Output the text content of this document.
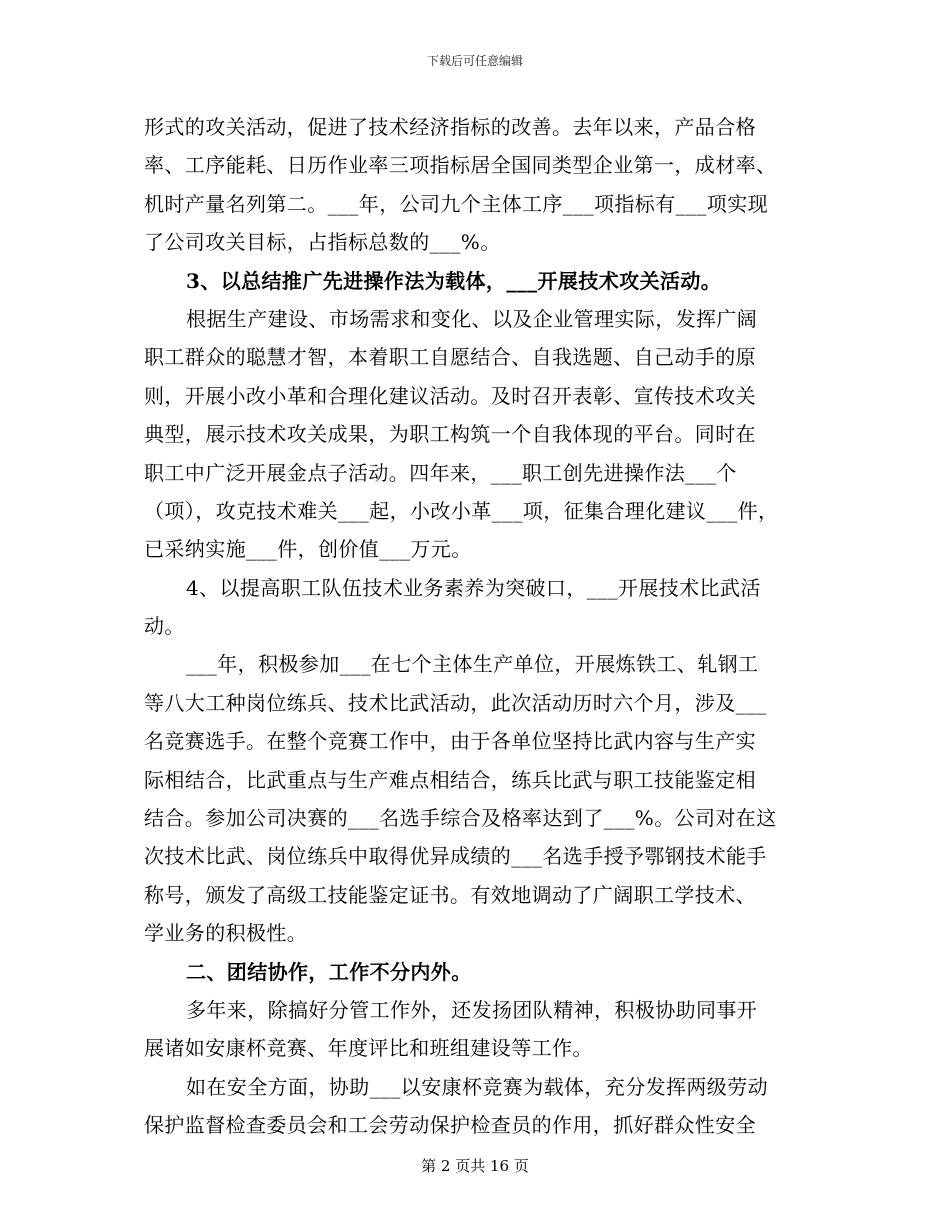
下载后可任意编辑
形式的攻关活动，促进了技术经济指标的改善。去年以来，产品合格
率、工序能耗、日历作业率三项指标居全国同类型企业第一，成材率、
机时产量名列第二。___年，公司九个主体工序___项指标有___项实现
了公司攻关目标，占指标总数的___%。
3、以总结推广先进操作法为载体，___开展技术攻关活动。
根据生产建设、市场需求和变化、以及企业管理实际，发挥广阔
职工群众的聪慧才智，本着职工自愿结合、自我选题、自己动手的原
则，开展小改小革和合理化建议活动。及时召开表彰、宣传技术攻关
典型，展示技术攻关成果，为职工构筑一个自我体现的平台。同时在
职工中广泛开展金点子活动。四年来，___职工创先进操作法___个
（项），攻克技术难关___起，小改小革___项，征集合理化建议___件，
已采纳实施___件，创价值___万元。
4、以提高职工队伍技术业务素养为突破口，___开展技术比武活
动。
___年，积极参加___在七个主体生产单位，开展炼铁工、轧钢工
等八大工种岗位练兵、技术比武活动，此次活动历时六个月，涉及___
名竞赛选手。在整个竞赛工作中，由于各单位坚持比武内容与生产实
际相结合，比武重点与生产难点相结合，练兵比武与职工技能鉴定相
结合。参加公司决赛的___名选手综合及格率达到了___%。公司对在这
次技术比武、岗位练兵中取得优异成绩的___名选手授予鄂钢技术能手
称号，颁发了高级工技能鉴定证书。有效地调动了广阔职工学技术、
学业务的积极性。
二、团结协作，工作不分内外。
多年来，除搞好分管工作外，还发扬团队精神，积极协助同事开
展诸如安康杯竞赛、年度评比和班组建设等工作。
如在安全方面，协助___以安康杯竞赛为载体，充分发挥两级劳动
保护监督检查委员会和工会劳动保护检查员的作用，抓好群众性安全
第 2 页共 16 页
